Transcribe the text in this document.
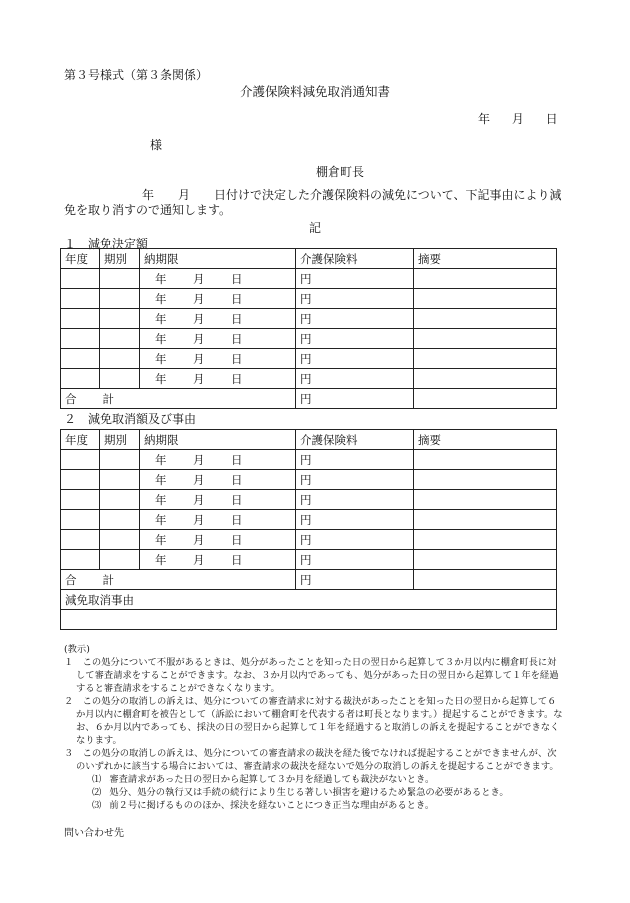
第３号様式（第３条関係）
介護保険料減免取消通知書
年 月 日
様
棚倉町長
年　　月　　日付けで決定した介護保険料の減免について、下記事由により減免を取り消すので通知します。
記
１　減免決定額
年度	期別	納期限	介護保険料	摘要
		年 月 日	円	
		年 月 日	円	
		年 月 日	円	
		年 月 日	円	
		年 月 日	円	
		年 月 日	円	
合 計			円	
２　減免取消額及び事由
年度	期別	納期限	介護保険料	摘要
		年 月 日	円	
		年 月 日	円	
		年 月 日	円	
		年 月 日	円	
		年 月 日	円	
		年 月 日	円	
合 計			円	
減免取消事由				

(教示)

１　この処分について不服があるときは、処分があったことを知った日の翌日から起算して３か月以内に棚倉町長に対して審査請求をすることができます。なお、３か月以内であっても、処分があった日の翌日から起算して１年を経過すると審査請求をすることができなくなります。

２　この処分の取消しの訴えは、処分についての審査請求に対する裁決があったことを知った日の翌日から起算して６か月以内に棚倉町を被告として（訴訟において棚倉町を代表する者は町長となります。）提起することができます。なお、６か月以内であっても、採決の日の翌日から起算して１年を経過すると取消しの訴えを提起することができなくなります。

３　この処分の取消しの訴えは、処分についての審査請求の裁決を経た後でなければ提起することができませんが、次のいずれかに該当する場合においては、審査請求の裁決を経ないで処分の取消しの訴えを提起することができます。

⑴ 審査請求があった日の翌日から起算して３か月を経過しても裁決がないとき。

⑵ 処分、処分の執行又は手続の続行により生じる著しい損害を避けるため緊急の必要があるとき。

⑶ 前２号に掲げるもののほか、採決を経ないことにつき正当な理由があるとき。

問い合わせ先
